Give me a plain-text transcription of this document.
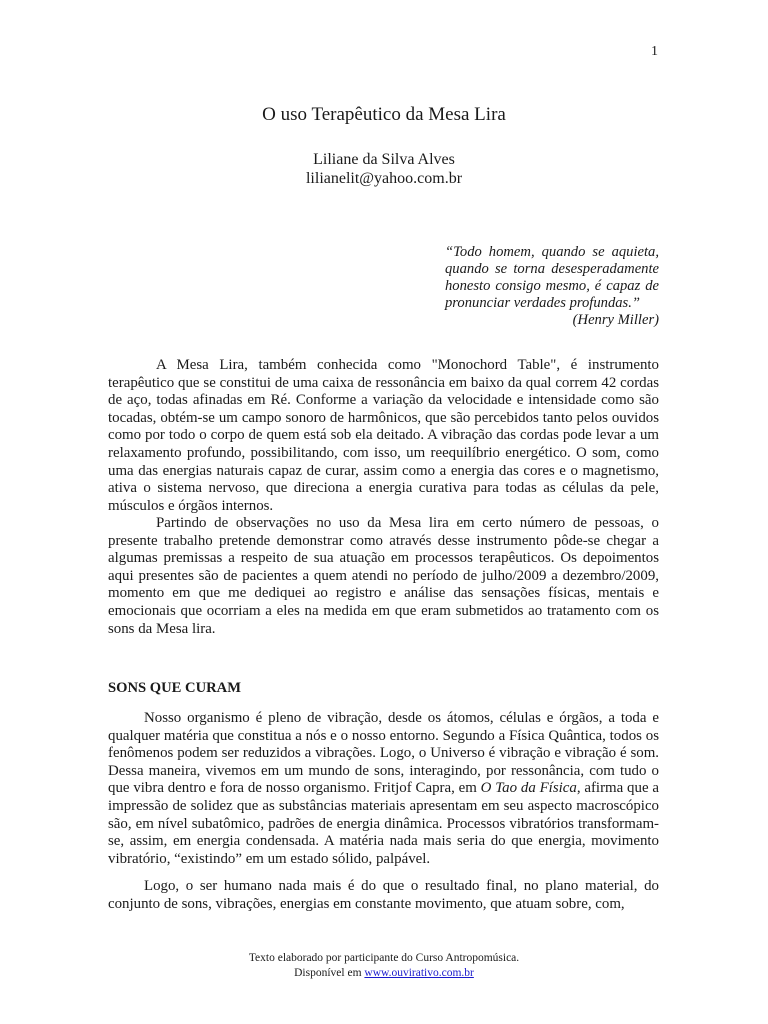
1
O uso Terapêutico da Mesa Lira
Liliane da Silva Alves
lilianelit@yahoo.com.br
“Todo homem, quando se aquieta, quando se torna desesperadamente honesto consigo mesmo, é capaz de pronunciar verdades profundas.”
(Henry Miller)
A Mesa Lira, também conhecida como "Monochord Table", é instrumento terapêutico que se constitui de uma caixa de ressonância em baixo da qual correm 42 cordas de aço, todas afinadas em Ré. Conforme a variação da velocidade e intensidade como são tocadas, obtém-se um campo sonoro de harmônicos, que são percebidos tanto pelos ouvidos como por todo o corpo de quem está sob ela deitado. A vibração das cordas pode levar a um relaxamento profundo, possibilitando, com isso, um reequilíbrio energético. O som, como uma das energias naturais capaz de curar, assim como a energia das cores e o magnetismo, ativa o sistema nervoso, que direciona a energia curativa para todas as células da pele, músculos e órgãos internos.
Partindo de observações no uso da Mesa lira em certo número de pessoas, o presente trabalho pretende demonstrar como através desse instrumento pôde-se chegar a algumas premissas a respeito de sua atuação em processos terapêuticos. Os depoimentos aqui presentes são de pacientes a quem atendi no período de julho/2009 a dezembro/2009, momento em que me dediquei ao registro e análise das sensações físicas, mentais e emocionais que ocorriam a eles na medida em que eram submetidos ao tratamento com os sons da Mesa lira.
SONS QUE CURAM
Nosso organismo é pleno de vibração, desde os átomos, células e órgãos, a toda e qualquer matéria que constitua a nós e o nosso entorno. Segundo a Física Quântica, todos os fenômenos podem ser reduzidos a vibrações. Logo, o Universo é vibração e vibração é som. Dessa maneira, vivemos em um mundo de sons, interagindo, por ressonância, com tudo o que vibra dentro e fora de nosso organismo. Fritjof Capra, em O Tao da Física, afirma que a impressão de solidez que as substâncias materiais apresentam em seu aspecto macroscópico são, em nível subatômico, padrões de energia dinâmica. Processos vibratórios transformam-se, assim, em energia condensada. A matéria nada mais seria do que energia, movimento vibratório, “existindo” em um estado sólido, palpável.
Logo, o ser humano nada mais é do que o resultado final, no plano material, do conjunto de sons, vibrações, energias em constante movimento, que atuam sobre, com,
Texto elaborado por participante do Curso Antropomúsica.
Disponível em www.ouvirativo.com.br
